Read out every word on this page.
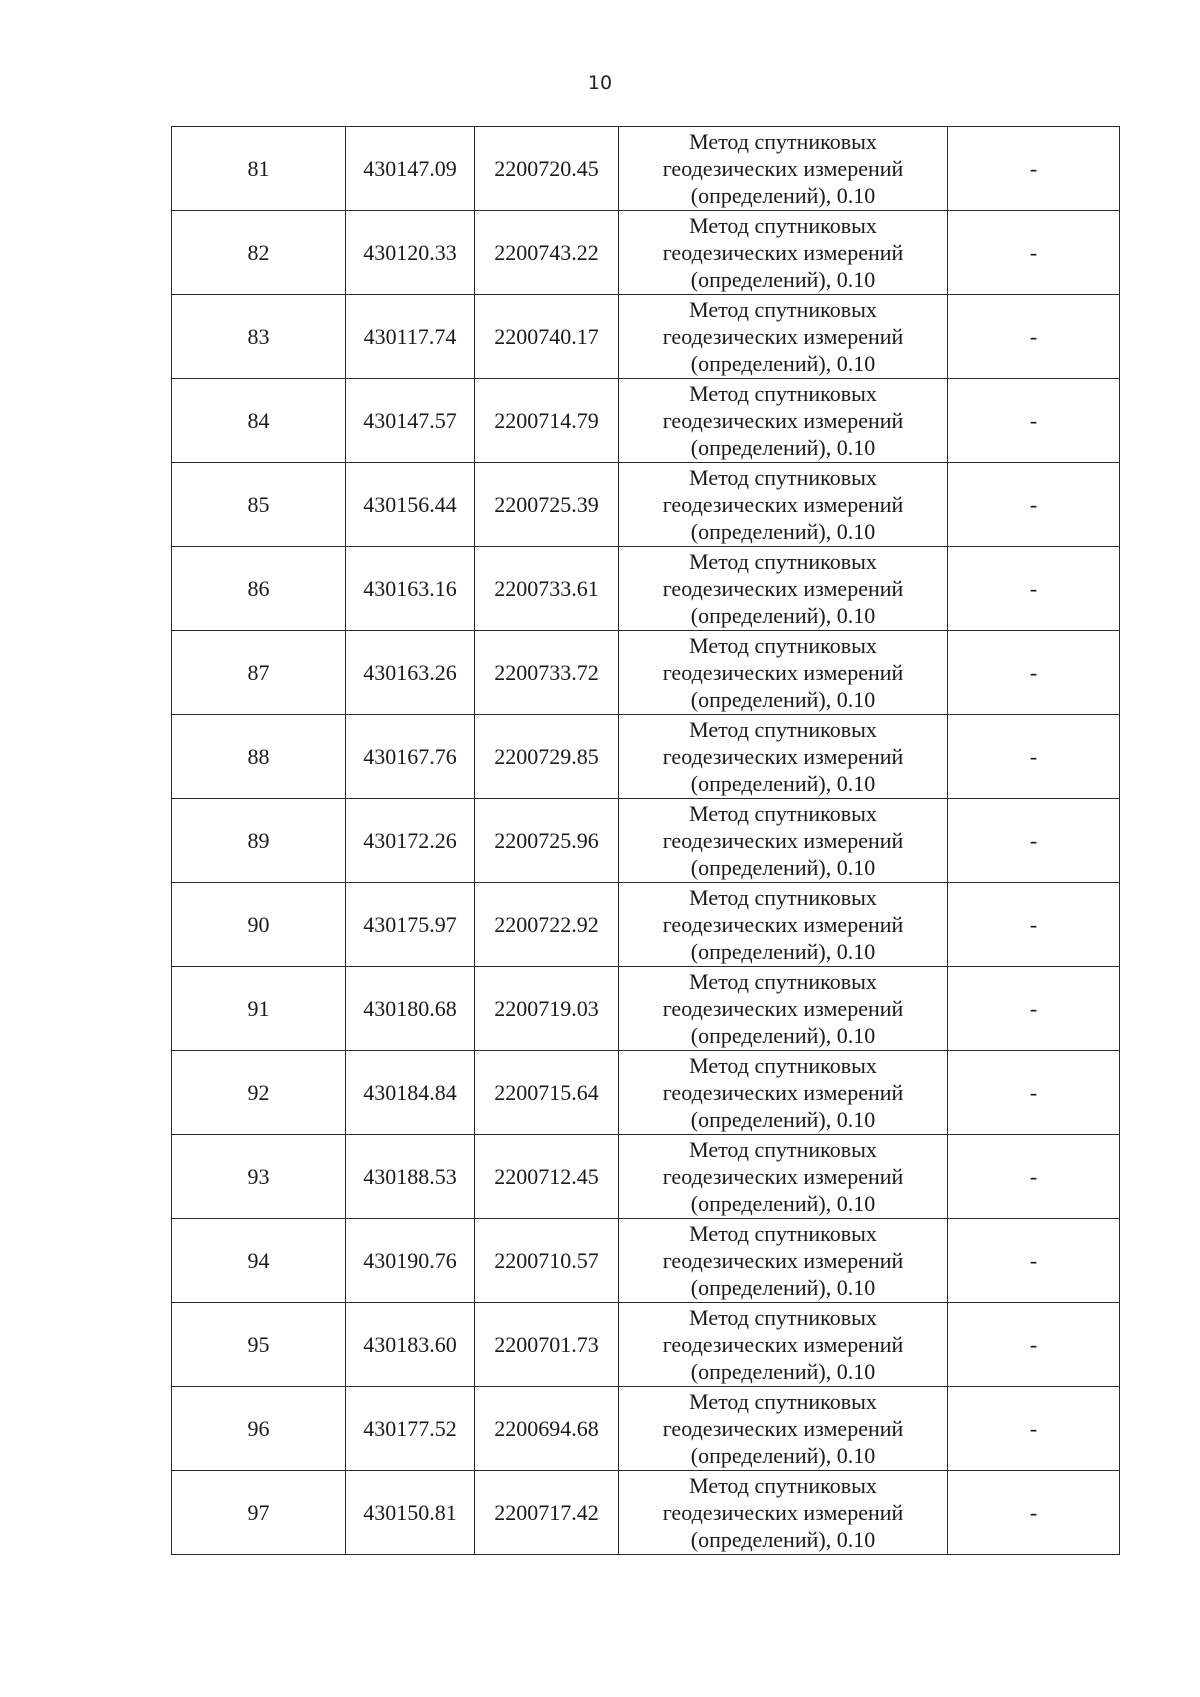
10
81	430147.09	2200720.45	Метод спутниковых
геодезических измерений
(определений), 0.10	-
82	430120.33	2200743.22	Метод спутниковых
геодезических измерений
(определений), 0.10	-
83	430117.74	2200740.17	Метод спутниковых
геодезических измерений
(определений), 0.10	-
84	430147.57	2200714.79	Метод спутниковых
геодезических измерений
(определений), 0.10	-
85	430156.44	2200725.39	Метод спутниковых
геодезических измерений
(определений), 0.10	-
86	430163.16	2200733.61	Метод спутниковых
геодезических измерений
(определений), 0.10	-
87	430163.26	2200733.72	Метод спутниковых
геодезических измерений
(определений), 0.10	-
88	430167.76	2200729.85	Метод спутниковых
геодезических измерений
(определений), 0.10	-
89	430172.26	2200725.96	Метод спутниковых
геодезических измерений
(определений), 0.10	-
90	430175.97	2200722.92	Метод спутниковых
геодезических измерений
(определений), 0.10	-
91	430180.68	2200719.03	Метод спутниковых
геодезических измерений
(определений), 0.10	-
92	430184.84	2200715.64	Метод спутниковых
геодезических измерений
(определений), 0.10	-
93	430188.53	2200712.45	Метод спутниковых
геодезических измерений
(определений), 0.10	-
94	430190.76	2200710.57	Метод спутниковых
геодезических измерений
(определений), 0.10	-
95	430183.60	2200701.73	Метод спутниковых
геодезических измерений
(определений), 0.10	-
96	430177.52	2200694.68	Метод спутниковых
геодезических измерений
(определений), 0.10	-
97	430150.81	2200717.42	Метод спутниковых
геодезических измерений
(определений), 0.10	-
